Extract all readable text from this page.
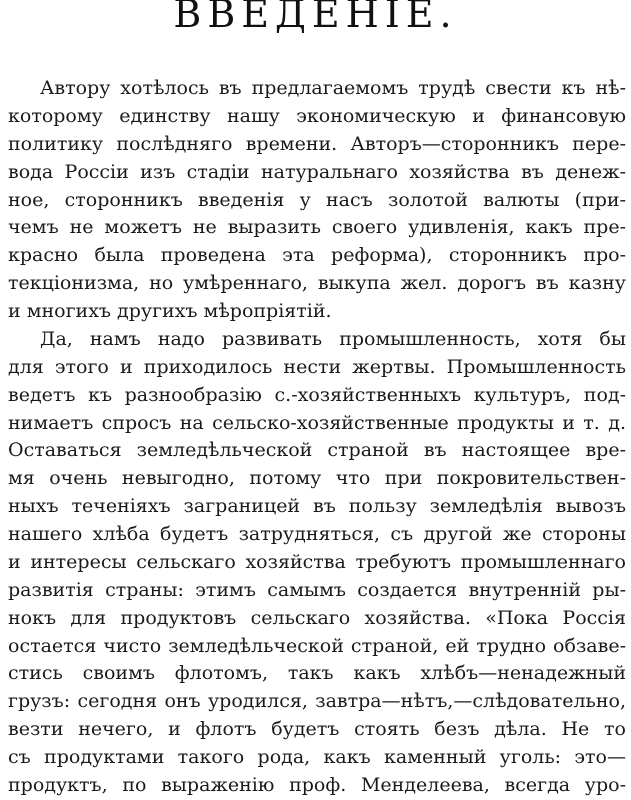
ВВЕДЕНІЕ.
Автору хотѣлось въ предлагаемомъ трудѣ свести къ нѣ-
которому единству нашу экономическую и финансовую
политику послѣдняго времени. Авторъ—сторонникъ пере-
вода Россіи изъ стадіи натуральнаго хозяйства въ денеж-
ное, сторонникъ введенія у насъ золотой валюты (при-
чемъ не можетъ не выразить своего удивленія, какъ пре-
красно была проведена эта реформа), сторонникъ про-
текціонизма, но умѣреннаго, выкупа жел. дорогъ въ казну
и многихъ другихъ мѣропріятій.
Да, намъ надо развивать промышленность, хотя бы
для этого и приходилось нести жертвы. Промышленность
ведетъ къ разнообразію с.-хозяйственныхъ культуръ, под-
нимаетъ спросъ на сельско-хозяйственные продукты и т. д.
Оставаться земледѣльческой страной въ настоящее вре-
мя очень невыгодно, потому что при покровительствен-
ныхъ теченіяхъ заграницей въ пользу земледѣлія вывозъ
нашего хлѣба будетъ затрудняться, съ другой же стороны
и интересы сельскаго хозяйства требуютъ промышленнаго
развитія страны: этимъ самымъ создается внутренній ры-
нокъ для продуктовъ сельскаго хозяйства. «Пока Россія
остается чисто земледѣльческой страной, ей трудно обзаве-
стись своимъ флотомъ, такъ какъ хлѣбъ—ненадежный
грузъ: сегодня онъ уродился, завтра—нѣтъ,—слѣдовательно,
везти нечего, и флотъ будетъ стоять безъ дѣла. Не то
съ продуктами такого рода, какъ каменный уголь: это—
продуктъ, по выраженію проф. Менделеева, всегда уро-
